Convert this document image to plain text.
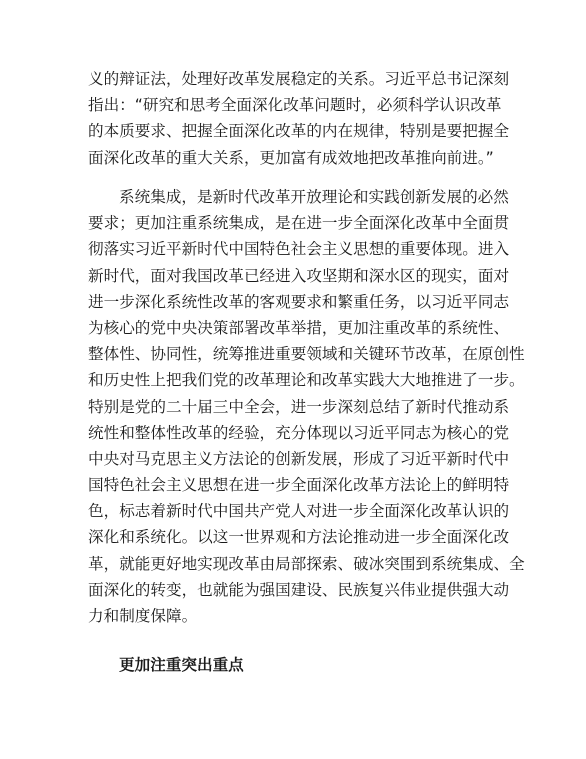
义的辩证法，处理好改革发展稳定的关系。习近平总书记深刻
指出：“研究和思考全面深化改革问题时，必须科学认识改革
的本质要求、把握全面深化改革的内在规律，特别是要把握全
面深化改革的重大关系，更加富有成效地把改革推向前进。”
系统集成，是新时代改革开放理论和实践创新发展的必然
要求；更加注重系统集成，是在进一步全面深化改革中全面贯
彻落实习近平新时代中国特色社会主义思想的重要体现。进入
新时代，面对我国改革已经进入攻坚期和深水区的现实，面对
进一步深化系统性改革的客观要求和繁重任务，以习近平同志
为核心的党中央决策部署改革举措，更加注重改革的系统性、
整体性、协同性，统筹推进重要领域和关键环节改革，在原创性
和历史性上把我们党的改革理论和改革实践大大地推进了一步。
特别是党的二十届三中全会，进一步深刻总结了新时代推动系
统性和整体性改革的经验，充分体现以习近平同志为核心的党
中央对马克思主义方法论的创新发展，形成了习近平新时代中
国特色社会主义思想在进一步全面深化改革方法论上的鲜明特
色，标志着新时代中国共产党人对进一步全面深化改革认识的
深化和系统化。以这一世界观和方法论推动进一步全面深化改
革，就能更好地实现改革由局部探索、破冰突围到系统集成、全
面深化的转变，也就能为强国建设、民族复兴伟业提供强大动
力和制度保障。
更加注重突出重点
